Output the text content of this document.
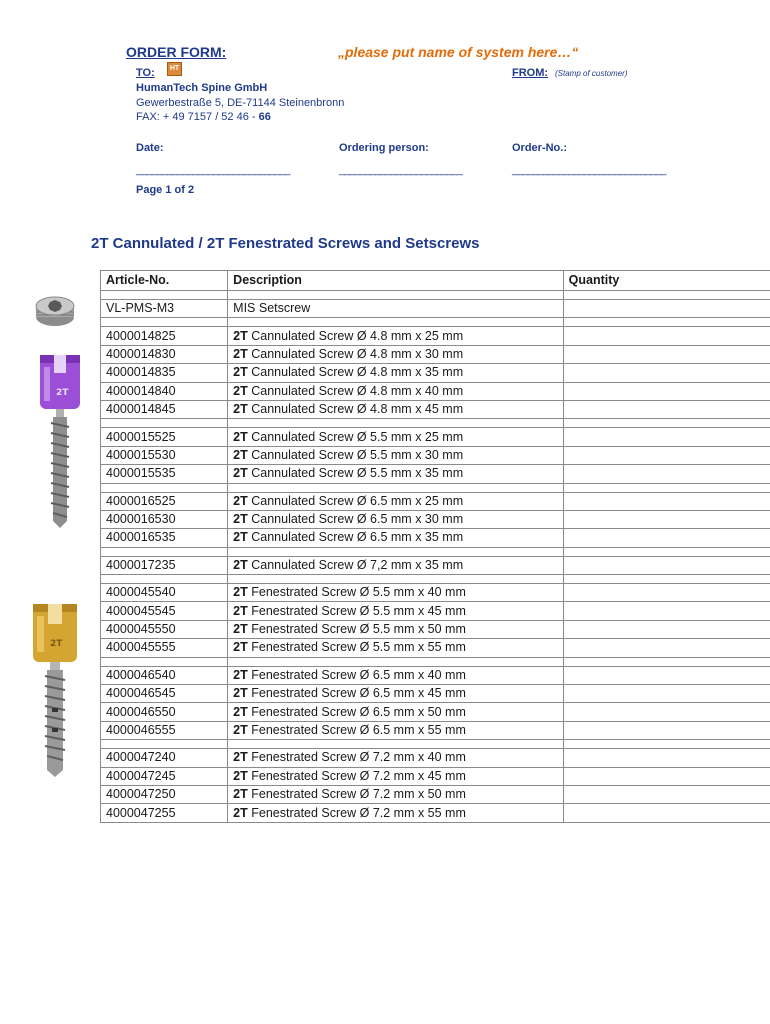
ORDER FORM:	„please put name of system here…“
TO:	HT	FROM: (Stamp of customer)
HumanTech Spine GmbH
Gewerbestraße 5, DE-71144 Steinenbronn
FAX: + 49 7157 / 52 46 - 66
Date:	Ordering person:	Order-No.:
______________________________	________________________	______________________________
Page 1 of 2
2T Cannulated / 2T Fenestrated Screws and Setscrews
2T
2T
Article-No.	Description	Quantity

VL-PMS-M3	MIS Setscrew	

4000014825	2T Cannulated Screw Ø 4.8 mm x 25 mm	
4000014830	2T Cannulated Screw Ø 4.8 mm x 30 mm	
4000014835	2T Cannulated Screw Ø 4.8 mm x 35 mm	
4000014840	2T Cannulated Screw Ø 4.8 mm x 40 mm	
4000014845	2T Cannulated Screw Ø 4.8 mm x 45 mm	

4000015525	2T Cannulated Screw Ø 5.5 mm x 25 mm	
4000015530	2T Cannulated Screw Ø 5.5 mm x 30 mm	
4000015535	2T Cannulated Screw Ø 5.5 mm x 35 mm	

4000016525	2T Cannulated Screw Ø 6.5 mm x 25 mm	
4000016530	2T Cannulated Screw Ø 6.5 mm x 30 mm	
4000016535	2T Cannulated Screw Ø 6.5 mm x 35 mm	

4000017235	2T Cannulated Screw Ø 7,2 mm x 35 mm	

4000045540	2T Fenestrated Screw Ø 5.5 mm x 40 mm	
4000045545	2T Fenestrated Screw Ø 5.5 mm x 45 mm	
4000045550	2T Fenestrated Screw Ø 5.5 mm x 50 mm	
4000045555	2T Fenestrated Screw Ø 5.5 mm x 55 mm	

4000046540	2T Fenestrated Screw Ø 6.5 mm x 40 mm	
4000046545	2T Fenestrated Screw Ø 6.5 mm x 45 mm	
4000046550	2T Fenestrated Screw Ø 6.5 mm x 50 mm	
4000046555	2T Fenestrated Screw Ø 6.5 mm x 55 mm	

4000047240	2T Fenestrated Screw Ø 7.2 mm x 40 mm	
4000047245	2T Fenestrated Screw Ø 7.2 mm x 45 mm	
4000047250	2T Fenestrated Screw Ø 7.2 mm x 50 mm	
4000047255	2T Fenestrated Screw Ø 7.2 mm x 55 mm	
